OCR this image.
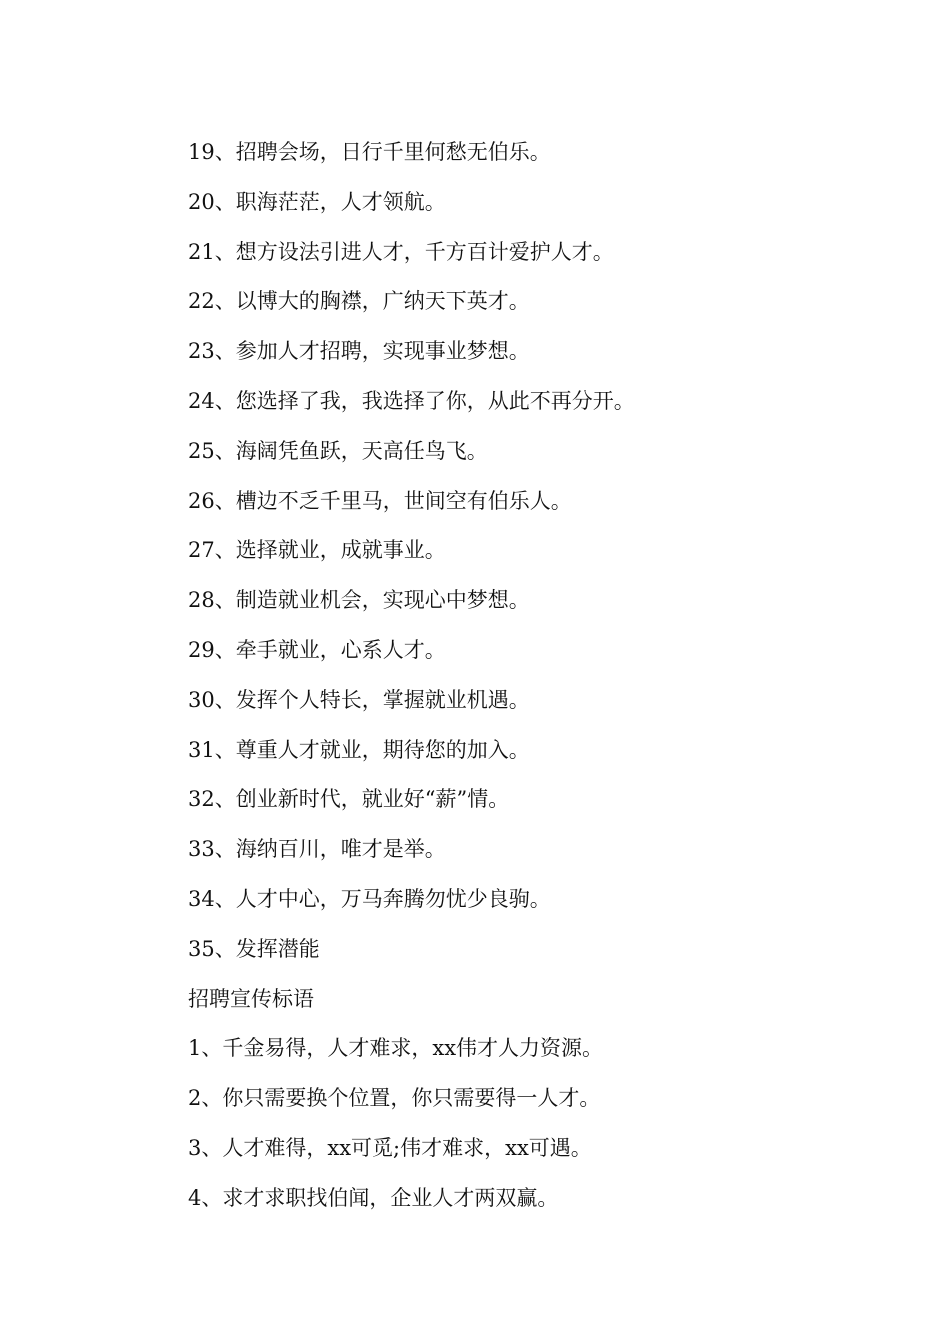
19、招聘会场，日行千里何愁无伯乐。
20、职海茫茫，人才领航。
21、想方设法引进人才，千方百计爱护人才。
22、以博大的胸襟，广纳天下英才。
23、参加人才招聘，实现事业梦想。
24、您选择了我，我选择了你，从此不再分开。
25、海阔凭鱼跃，天高任鸟飞。
26、槽边不乏千里马，世间空有伯乐人。
27、选择就业，成就事业。
28、制造就业机会，实现心中梦想。
29、牵手就业，心系人才。
30、发挥个人特长，掌握就业机遇。
31、尊重人才就业，期待您的加入。
32、创业新时代，就业好“薪”情。
33、海纳百川，唯才是举。
34、人才中心，万马奔腾勿忧少良驹。
35、发挥潜能
招聘宣传标语
1、千金易得，人才难求，xx伟才人力资源。
2、你只需要换个位置，你只需要得一人才。
3、人才难得，xx可觅;伟才难求，xx可遇。
4、求才求职找伯闻，企业人才两双赢。
